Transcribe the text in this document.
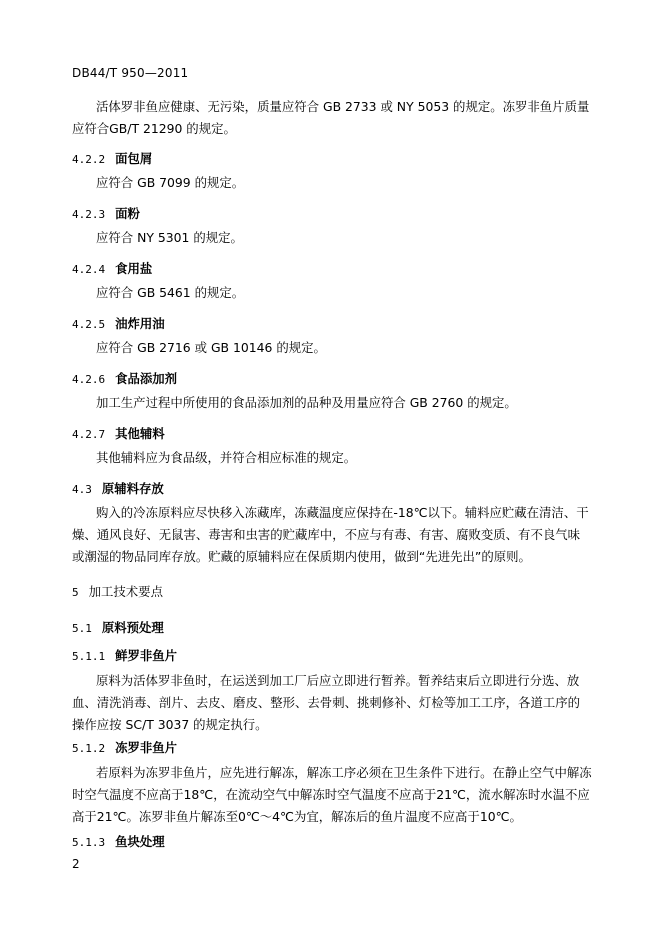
DB44/T 950—2011

活体罗非鱼应健康、无污染，质量应符合 GB 2733 或 NY 5053 的规定。冻罗非鱼片质量应符合GB/T 21290 的规定。

4.2.2 面包屑

应符合 GB 7099 的规定。

4.2.3 面粉

应符合 NY 5301 的规定。

4.2.4 食用盐

应符合 GB 5461 的规定。

4.2.5 油炸用油

应符合 GB 2716 或 GB 10146 的规定。

4.2.6 食品添加剂

加工生产过程中所使用的食品添加剂的品种及用量应符合 GB 2760 的规定。

4.2.7 其他辅料

其他辅料应为食品级，并符合相应标准的规定。

4.3 原辅料存放

购入的冷冻原料应尽快移入冻藏库，冻藏温度应保持在-18℃以下。辅料应贮藏在清洁、干燥、通风良好、无鼠害、毒害和虫害的贮藏库中，不应与有毒、有害、腐败变质、有不良气味或潮湿的物品同库存放。贮藏的原辅料应在保质期内使用，做到“先进先出”的原则。

5 加工技术要点
5.1 原料预处理
5.1.1 鲜罗非鱼片

原料为活体罗非鱼时，在运送到加工厂后应立即进行暂养。暂养结束后立即进行分选、放血、清洗消毒、剖片、去皮、磨皮、整形、去骨刺、挑刺修补、灯检等加工工序，各道工序的操作应按 SC/T 3037 的规定执行。

5.1.2 冻罗非鱼片

若原料为冻罗非鱼片，应先进行解冻，解冻工序必须在卫生条件下进行。在静止空气中解冻时空气温度不应高于18℃，在流动空气中解冻时空气温度不应高于21℃，流水解冻时水温不应高于21℃。冻罗非鱼片解冻至0℃～4℃为宜，解冻后的鱼片温度不应高于10℃。

5.1.3 鱼块处理
2
